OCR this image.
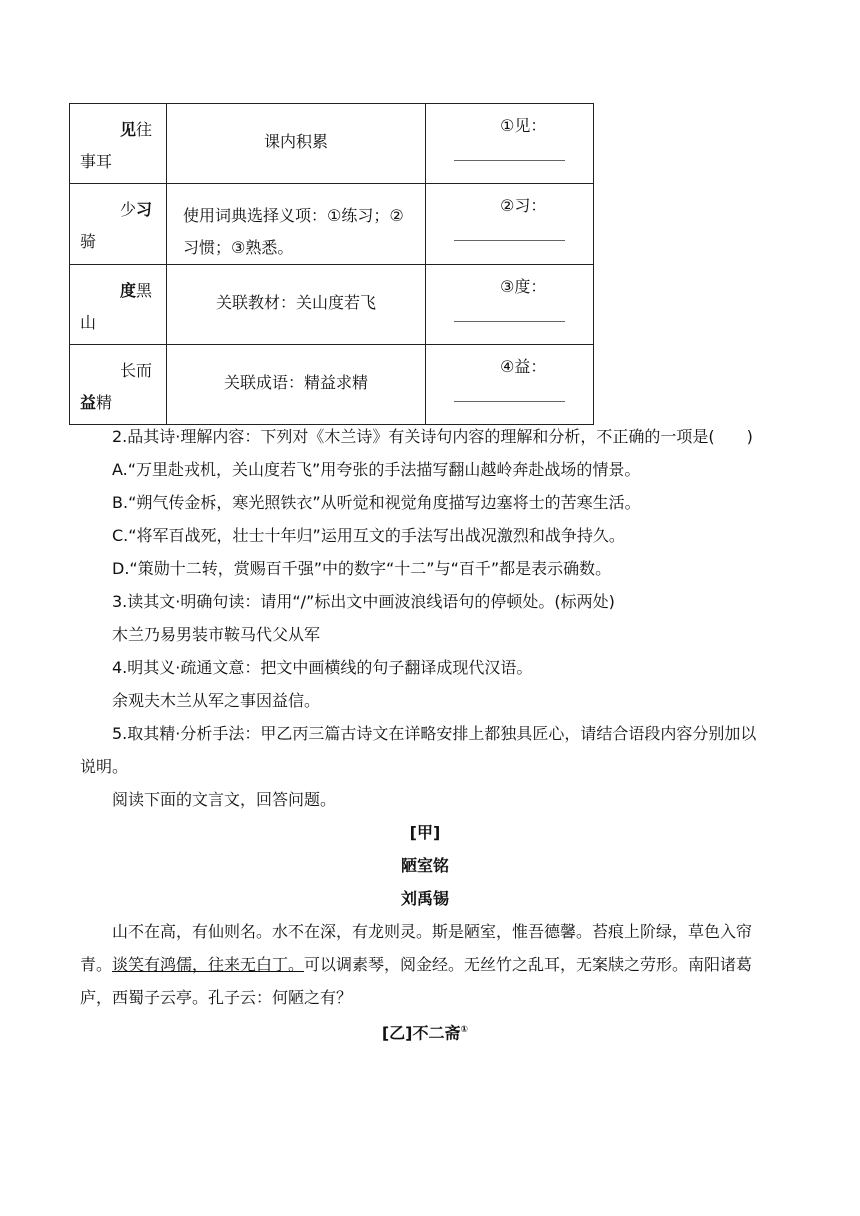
见往
事耳	课内积累	①见：

少习
骑	使用词典选择义项：①练习；②习惯；③熟悉。	②习：

度黑
山	关联教材：关山度若飞	③度：

长而
益精	关联成语：精益求精	④益：

2.品其诗·理解内容：下列对《木兰诗》有关诗句内容的理解和分析，不正确的一项是(　　)

A.“万里赴戎机，关山度若飞”用夸张的手法描写翻山越岭奔赴战场的情景。

B.“朔气传金柝，寒光照铁衣”从听觉和视觉角度描写边塞将士的苦寒生活。

C.“将军百战死，壮士十年归”运用互文的手法写出战况激烈和战争持久。

D.“策勋十二转，赏赐百千强”中的数字“十二”与“百千”都是表示确数。

3.读其文·明确句读：请用“/”标出文中画波浪线语句的停顿处。(标两处)

木兰乃易男装市鞍马代父从军

4.明其义·疏通文意：把文中画横线的句子翻译成现代汉语。

余观夫木兰从军之事因益信。

5.取其精·分析手法：甲乙丙三篇古诗文在详略安排上都独具匠心，请结合语段内容分别加以说明。

阅读下面的文言文，回答问题。

[甲]

陋室铭

刘禹锡

山不在高，有仙则名。水不在深，有龙则灵。斯是陋室，惟吾德馨。苔痕上阶绿，草色入帘青。谈笑有鸿儒，往来无白丁。可以调素琴，阅金经。无丝竹之乱耳，无案牍之劳形。南阳诸葛庐，西蜀子云亭。孔子云：何陋之有？

[乙]不二斋①
